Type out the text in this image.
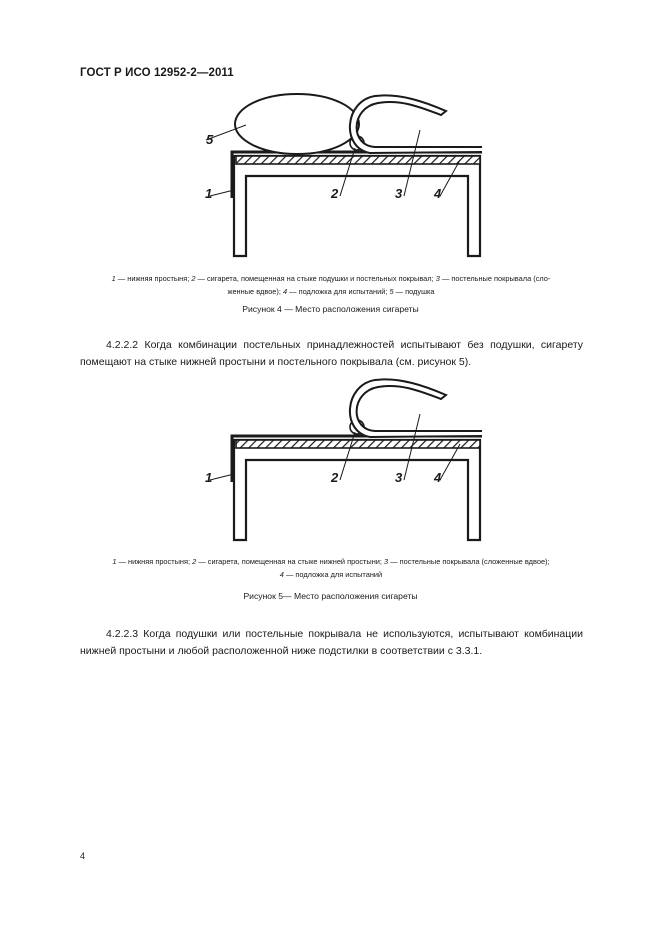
ГОСТ Р ИСО 12952-2—2011
5
1	2	3 4
1 — нижняя простыня; 2 — сигарета, помещенная на стыке подушки и постельных покрывал; 3 — постельные покрывала (сло-
женные вдвое); 4 — подложка для испытаний; 5 — подушка
Рисунок 4 — Место расположения сигареты
4.2.2.2 Когда комбинации постельных принадлежностей испытывают без подушки, сигарету помещают на стыке нижней простыни и постельного покрывала (см. рисунок 5).
1	2	3 4
1 — нижняя простыня; 2 — сигарета, помещенная на стыке нижней простыни; 3 — постельные покрывала (сложенные вдвое);
4 — подложка для испытаний
Рисунок 5— Место расположения сигареты
4.2.2.3 Когда подушки или постельные покрывала не используются, испытывают комбинации нижней простыни и любой расположенной ниже подстилки в соответствии с 3.3.1.
4
